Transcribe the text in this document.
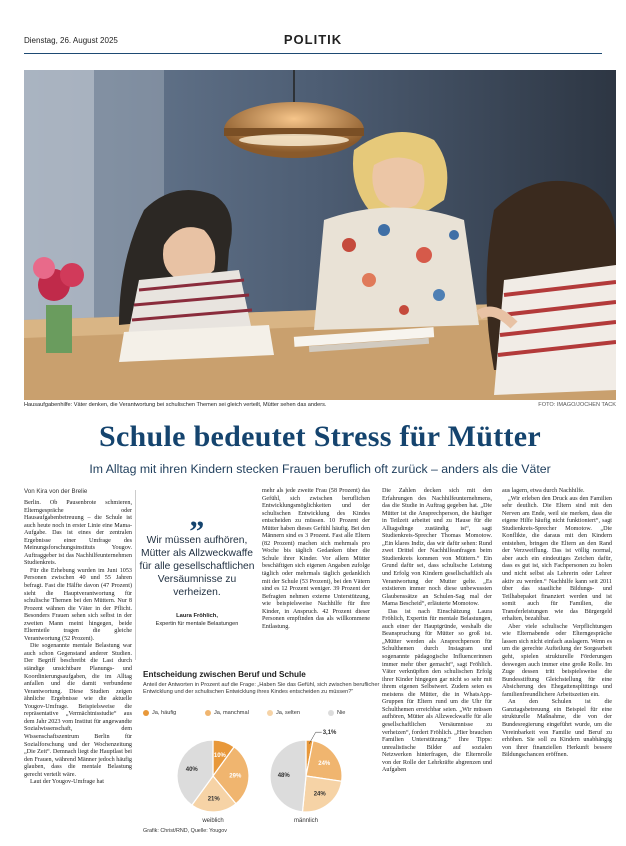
Dienstag, 26. August 2025	POLITIK
Hausaufgabenhilfe: Väter denken, die Verantwortung bei schulischen Themen sei gleich verteilt, Mütter sehen das anders.	FOTO: IMAGO/JOCHEN TACK
Schule bedeutet Stress für Mütter
Im Alltag mit ihren Kindern stecken Frauen beruflich oft zurück – anders als die Väter
Von Kira von der Brelie

Berlin. Ob Pausenbrote schmieren, Elterngespräche oder Hausaufgabenbetreuung – die Schule ist auch heute noch in erster Linie eine Mama-Aufgabe. Das ist eines der zentralen Ergebnisse einer Umfrage des Meinungsforschungsinstituts Yougov. Auftraggeber ist das Nachhilfeunternehmen Studienkreis.

Für die Erhebung wurden im Juni 1053 Personen zwischen 40 und 55 Jahren befragt. Fast die Hälfte davon (47 Prozent) sieht die Hauptverantwortung für schulische Themen bei den Müttern. Nur 8 Prozent wähnen die Väter in der Pflicht. Besonders Frauen sehen sich selbst in der zweiten Mann meint hingegen, beide Elternteile tragen die gleiche Verantwortung (52 Prozent).

Die sogenannte mentale Belastung war auch schon Gegenstand anderer Studien. Der Begriff beschreibt die Last durch ständige unsichtbare Planungs- und Koordinierungsaufgaben, die im Alltag anfallen und die damit verbundene Verantwortung. Diese Studien zeigen ähnliche Ergebnisse wie die aktuelle Yougov-Umfrage. Beispielsweise die repräsentative „Vermächtnisstudie“ aus dem Jahr 2023 vom Institut für angewandte Sozialwissenschaft, dem Wissenschaftszentrum Berlin für Sozialforschung und der Wochenzeitung „Die Zeit“. Demnach liegt die Hauptlast bei den Frauen, während Männer jedoch häufig glauben, dass die mentale Belastung gerecht verteilt wäre.

Laut der Yougov-Umfrage hat

„
Wir müssen aufhören, Mütter als Allzweckwaffe für alle gesellschaftlichen Versäumnisse zu verheizen.
Laura Fröhlich,
Expertin für mentale Belastungen

mehr als jede zweite Frau (58 Prozent) das Gefühl, sich zwischen beruflichen Entwicklungsmöglichkeiten und der schulischen Entwicklung des Kindes entscheiden zu müssen. 10 Prozent der Mütter haben dieses Gefühl häufig. Bei den Männern sind es 3 Prozent. Fast alle Eltern (82 Prozent) machen sich mehrmals pro Woche bis täglich Gedanken über die Schule ihrer Kinder. Vor allem Mütter beschäftigen sich eigenen Angaben zufolge täglich oder mehrmals täglich gedanklich mit der Schule (53 Prozent), bei den Vätern sind es 12 Prozent weniger. 39 Prozent der Befragten nehmen externe Unterstützung, wie beispielsweise Nachhilfe für ihre Kinder, in Anspruch. 42 Prozent dieser Personen empfinden das als willkommene Entlastung.

Die Zahlen decken sich mit den Erfahrungen des Nachhilfeunternehmens, das die Studie in Auftrag gegeben hat. „Die Mütter ist die Ansprechperson, die häufiger in Teilzeit arbeitet und zu Hause für die Alltagsdinge zuständig ist“, sagt Studienkreis-Sprecher Thomas Momotow. „Ein klares Indiz, das wir dafür sehen: Rund zwei Drittel der Nachhilfeanfragen beim Studienkreis kommen von Müttern.“ Ein Grund dafür sei, dass schulische Leistung und Erfolg von Kindern gesellschaftlich als Verantwortung der Mutter gelte. „Es existieren immer noch diese unbewussten Glaubenssätze an Schulen-Sag mal der Mama Bescheid“, erläuterte Momotow.

Das ist nach Einschätzung Laura Fröhlich, Expertin für mentale Belastungen, auch einer der Hauptgründe, weshalb die Beanspruchung für Mütter so groß ist. „Mütter werden als Ansprechperson für Schulthemen durch Instagram und sogenannte pädagogische Influencerinnen immer mehr über gemacht“, sagt Fröhlich. Väter verknüpften den schulischen Erfolg ihrer Kinder hingegen gar nicht so sehr mit ihrem eigenen Selbstwert. Zudem seien es meistens die Mütter, die in WhatsApp-Gruppen für Eltern rund um die Uhr für Schulthemen erreichbar seien. „Wir müssen aufhören, Mütter als Allzweckwaffe für alle gesellschaftlichen Versäumnisse zu verheizen“, fordert Fröhlich. „Hier brauchen Familien Unterstützung.“ Ihre Tipps: unrealistische Bilder auf sozialen Netzwerken hinterfragen, die Elternrolle von der Rolle der Lehrkräfte abgrenzen und Aufgaben

aus lagern, etwa durch Nachhilfe.

„Wir erleben den Druck aus den Familien sehr deutlich. Die Eltern sind mit den Nerven am Ende, weil sie merken, dass die eigene Hilfe häufig nicht funktioniert“, sagt Studienkreis-Sprecher Momotow. „Die Konflikte, die daraus mit den Kindern entstehen, bringen die Eltern an den Rand der Verzweiflung. Das ist völlig normal, aber auch ein eindeutiges Zeichen dafür, dass es gut ist, sich Fachpersonen zu holen und nicht selbst als Lehrerin oder Lehrer aktiv zu werden.“ Nachhilfe kann seit 2011 über das staatliche Bildungs- und Teilhabepaket finanziert werden und ist somit auch für Familien, die Transferleistungen wie das Bürgergeld erhalten, bezahlbar.

Aber viele schulische Verpflichtungen wie Elternabende oder Elterngespräche lassen sich nicht einfach auslagern. Wenn es um die gerechte Aufteilung der Sorgearbeit geht, spielen strukturelle Förderungen deswegen auch immer eine große Rolle. Im Zuge dessen tritt beispielsweise die Bundesstiftung Gleichstellung für eine Absicherung des Ehegattensplittings und familienfreundlichere Arbeitszeiten ein.

An den Schulen ist die Ganztagsbetreuung ein Beispiel für eine strukturelle Maßnahme, die von der Bundesregierung eingeführt wurde, um die Vereinbarkeit von Familie und Beruf zu erhöhen. Sie soll zu Kindern unabhängig von ihrer finanziellen Herkunft bessere Bildungschancen eröffnen.

Entscheidung zwischen Beruf und Schule
Anteil der Antworten in Prozent auf die Frage: „Haben Sie das Gefühl, sich zwischen beruflicher Entwicklung und der schulischen Entwicklung ihres Kindes entscheiden zu müssen?“
Ja, häufig	Ja, manchmal	Ja, selten	Nie
10%
29%
21%
40%
weiblich
3,1%
24%
24%
48%
männlich
Grafik: Christ/RND, Quelle: Yougov
